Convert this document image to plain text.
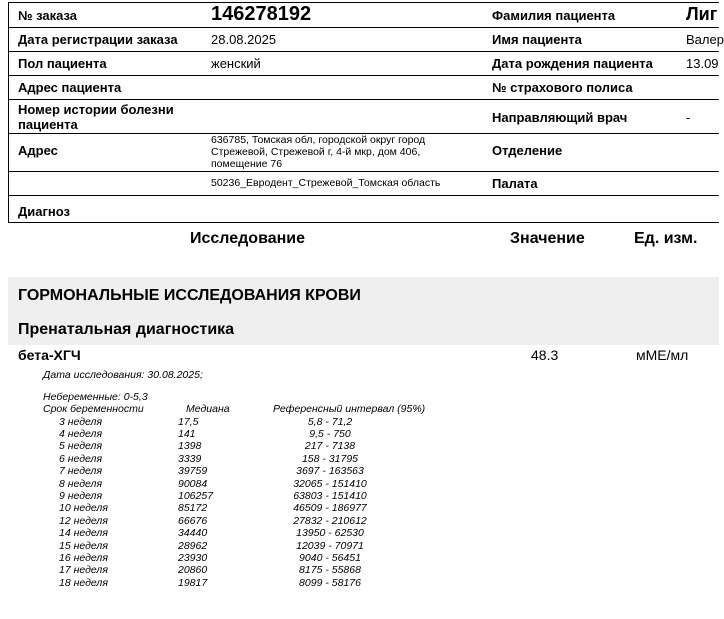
№ заказа	146278192
Дата регистрации заказа	28.08.2025
Пол пациента	женский
Адрес пациента
Номер истории болезни пациента
Адрес
636785, Томская обл, городской округ город Стрежевой, Стрежевой г, 4-й мкр, дом 406, помещение 76
50236_Евродент_Стрежевой_Томская область
Диагноз
Фамилия пациента	Лиг
Имя пациента	Валер
Дата рождения пациента	13.09
№ страхового полиса
Направляющий врач	-
Отделение
Палата
Исследование	Значение	Ед. изм.
ГОРМОНАЛЬНЫЕ ИССЛЕДОВАНИЯ КРОВИ
Пренатальная диагностика
бета-ХГЧ	48.3	мМЕ/мл
Дата исследования: 30.08.2025;
Небеременные: 0-5,3
Срок беременности	Медиана	Референсный интервал (95%)
3 неделя	17,5	5,8 - 71,2
4 неделя	141	9,5 - 750
5 неделя	1398	217 - 7138
6 неделя	3339	158 - 31795
7 неделя	39759	3697 - 163563
8 неделя	90084	32065 - 151410
9 неделя	106257	63803 - 151410
10 неделя	85172	46509 - 186977
12 неделя	66676	27832 - 210612
14 неделя	34440	13950 - 62530
15 неделя	28962	12039 - 70971
16 неделя	23930	9040 - 56451
17 неделя	20860	8175 - 55868
18 неделя	19817	8099 - 58176
